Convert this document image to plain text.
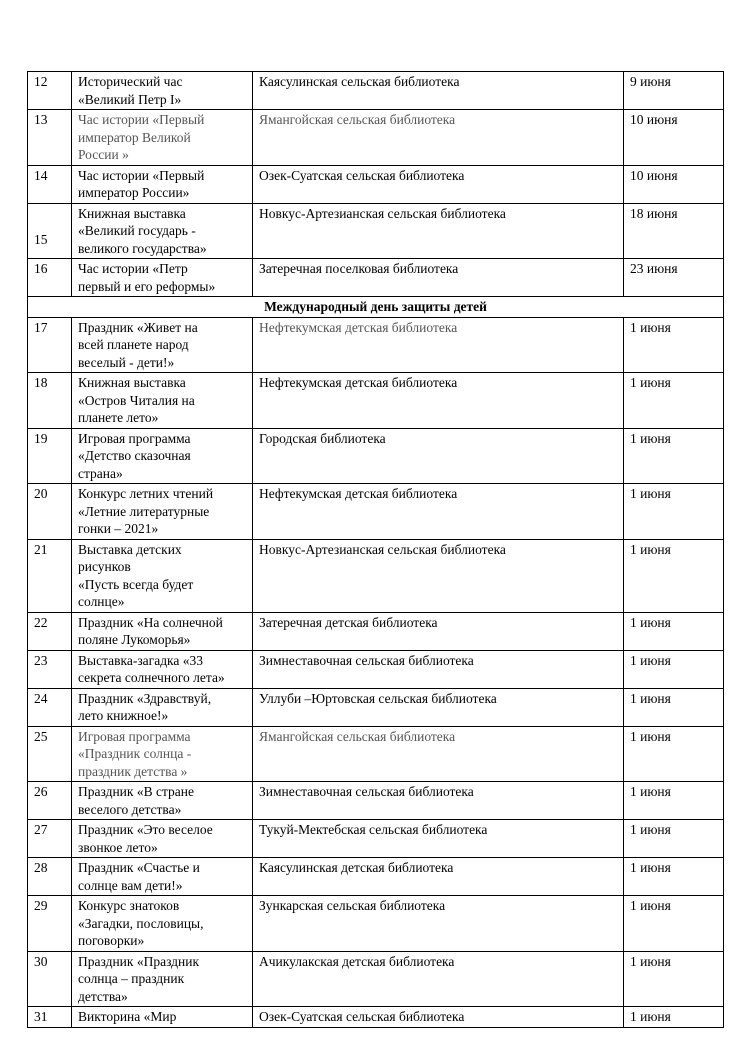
12	Исторический час
«Великий Петр I»	Каясулинская сельская библиотека	9 июня
13	Час истории «Первый
император Великой
России »	Ямангойская сельская библиотека	10 июня
14	Час истории «Первый
император России»	Озек-Суатская сельская библиотека	10 июня
15	Книжная выставка
«Великий государь -
великого государства»	Новкус-Артезианская сельская библиотека	18 июня
16	Час истории «Петр
первый и его реформы»	Затеречная поселковая библиотека	23 июня
Международный день защиты детей			
17	Праздник «Живет на
всей планете народ
веселый - дети!»	Нефтекумская детская библиотека	1 июня
18	Книжная выставка
«Остров Читалия на
планете лето»	Нефтекумская детская библиотека	1 июня
19	Игровая программа
«Детство сказочная
страна»	Городская библиотека	1 июня
20	Конкурс летних чтений
«Летние литературные
гонки – 2021»	Нефтекумская детская библиотека	1 июня
21	Выставка детских
рисунков
«Пусть всегда будет
солнце»	Новкус-Артезианская сельская библиотека	1 июня
22	Праздник «На солнечной
поляне Лукоморья»	Затеречная детская библиотека	1 июня
23	Выставка-загадка «33
секрета солнечного лета»	Зимнеставочная сельская библиотека	1 июня
24	Праздник «Здравствуй,
лето книжное!»	Уллуби –Юртовская сельская библиотека	1 июня
25	Игровая программа
«Праздник солнца -
праздник детства »	Ямангойская сельская библиотека	1 июня
26	Праздник «В стране
веселого детства»	Зимнеставочная сельская библиотека	1 июня
27	Праздник «Это веселое
звонкое лето»	Тукуй-Мектебская сельская библиотека	1 июня
28	Праздник «Счастье и
солнце вам дети!»	Каясулинская детская библиотека	1 июня
29	Конкурс знатоков
«Загадки, пословицы,
поговорки»	Зункарская сельская библиотека	1 июня
30	Праздник «Праздник
солнца – праздник
детства»	Ачикулакская детская библиотека	1 июня
31	Викторина «Мир	Озек-Суатская сельская библиотека	1 июня
